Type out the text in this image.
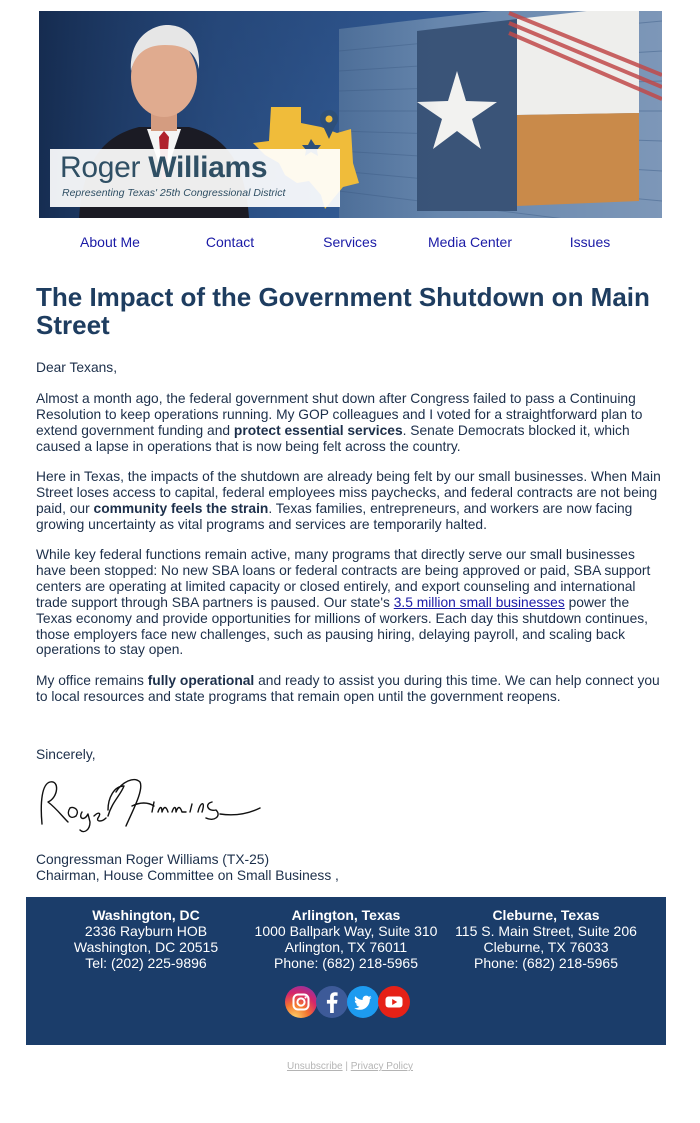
Roger Williams
Representing Texas' 25th Congressional District
About Me	Contact	Services	Media Center	Issues
The Impact of the Government Shutdown on Main Street

Dear Texans,

Almost a month ago, the federal government shut down after Congress failed to pass a Continuing Resolution to keep operations running. My GOP colleagues and I voted for a straightforward plan to extend government funding and protect essential services. Senate Democrats blocked it, which caused a lapse in operations that is now being felt across the country.

Here in Texas, the impacts of the shutdown are already being felt by our small businesses. When Main Street loses access to capital, federal employees miss paychecks, and federal contracts are not being paid, our community feels the strain. Texas families, entrepreneurs, and workers are now facing growing uncertainty as vital programs and services are temporarily halted.

While key federal functions remain active, many programs that directly serve our small businesses have been stopped: No new SBA loans or federal contracts are being approved or paid, SBA support centers are operating at limited capacity or closed entirely, and export counseling and international trade support through SBA partners is paused. Our state's 3.5 million small businesses power the Texas economy and provide opportunities for millions of workers. Each day this shutdown continues, those employers face new challenges, such as pausing hiring, delaying payroll, and scaling back operations to stay open.

My office remains fully operational and ready to assist you during this time. We can help connect you to local resources and state programs that remain open until the government reopens.

Sincerely,

Congressman Roger Williams (TX-25)

Chairman, House Committee on Small Business ,

Washington, DC
2336 Rayburn HOB
Washington, DC 20515
Tel: (202) 225-9896
Arlington, Texas
1000 Ballpark Way, Suite 310
Arlington, TX 76011
Phone: (682) 218-5965
Cleburne, Texas
115 S. Main Street, Suite 206
Cleburne, TX 76033
Phone: (682) 218-5965
Unsubscribe | Privacy Policy
